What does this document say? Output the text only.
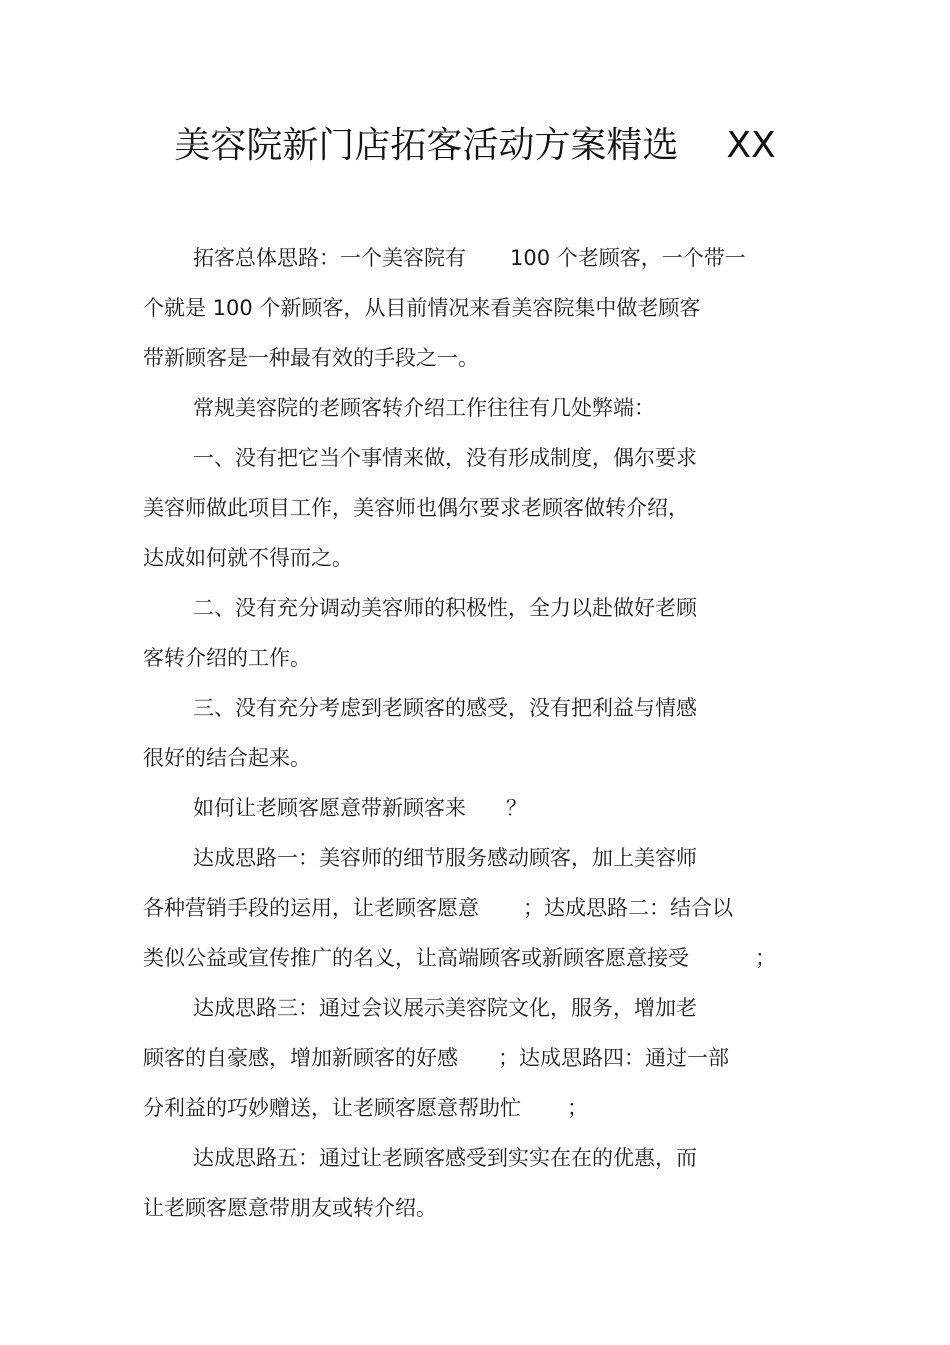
美容院新门店拓客活动方案精选 XX
拓客总体思路：一个美容院有 100 个老顾客，一个带一
个就是 100 个新顾客，从目前情况来看美容院集中做老顾客
带新顾客是一种最有效的手段之一。
常规美容院的老顾客转介绍工作往往有几处弊端：
一、没有把它当个事情来做，没有形成制度，偶尔要求
美容师做此项目工作，美容师也偶尔要求老顾客做转介绍，
达成如何就不得而之。
二、没有充分调动美容师的积极性，全力以赴做好老顾
客转介绍的工作。
三、没有充分考虑到老顾客的感受，没有把利益与情感
很好的结合起来。
如何让老顾客愿意带新顾客来 ？
达成思路一：美容师的细节服务感动顾客，加上美容师
各种营销手段的运用，让老顾客愿意 ；达成思路二：结合以
类似公益或宣传推广的名义，让高端顾客或新顾客愿意接受	；
达成思路三：通过会议展示美容院文化，服务，增加老
顾客的自豪感，增加新顾客的好感 ；达成思路四：通过一部
分利益的巧妙赠送，让老顾客愿意帮助忙 ；
达成思路五：通过让老顾客感受到实实在在的优惠，而
让老顾客愿意带朋友或转介绍。
